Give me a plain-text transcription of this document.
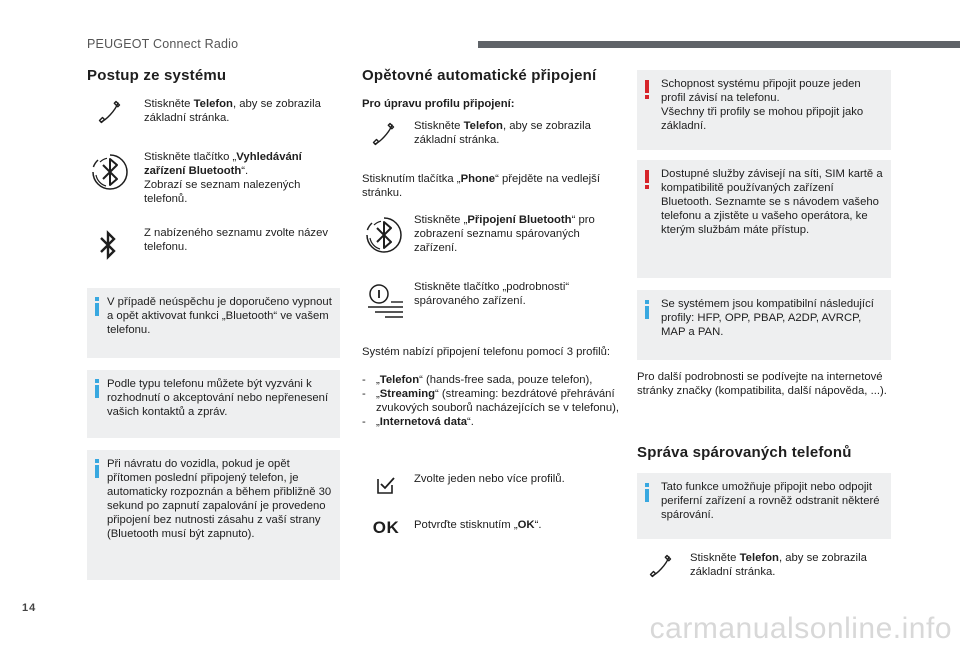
PEUGEOT Connect Radio
Postup ze systému
Stiskněte Telefon, aby se zobrazila základní stránka.
Stiskněte tlačítko „Vyhledávání zařízení Bluetooth“.
Zobrazí se seznam nalezených telefonů.
Z nabízeného seznamu zvolte název telefonu.
V případě neúspěchu je doporučeno vypnout a opět aktivovat funkci „Bluetooth“ ve vašem telefonu.
Podle typu telefonu můžete být vyzváni k rozhodnutí o akceptování nebo nepřenesení vašich kontaktů a zpráv.
Při návratu do vozidla, pokud je opět přítomen poslední připojený telefon, je automaticky rozpoznán a během přibližně 30 sekund po zapnutí zapalování je provedeno připojení bez nutnosti zásahu z vaší strany (Bluetooth musí být zapnuto).
Opětovné automatické připojení
Pro úpravu profilu připojení:
Stiskněte Telefon, aby se zobrazila základní stránka.
Stisknutím tlačítka „Phone“ přejděte na vedlejší stránku.
Stiskněte „Připojení Bluetooth“ pro zobrazení seznamu spárovaných zařízení.
Stiskněte tlačítko „podrobnosti“ spárovaného zařízení.
Systém nabízí připojení telefonu pomocí 3 profilů:
- „Telefon“ (hands-free sada, pouze telefon),
- „Streaming“ (streaming: bezdrátové přehrávání zvukových souborů nacházejících se v telefonu),
- „Internetová data“.
Zvolte jeden nebo více profilů.
OK	Potvrďte stisknutím „OK“.
Schopnost systému připojit pouze jeden profil závisí na telefonu.
Všechny tři profily se mohou připojit jako základní.
Dostupné služby závisejí na síti, SIM kartě a kompatibilitě používaných zařízení Bluetooth. Seznamte se s návodem vašeho telefonu a zjistěte u vašeho operátora, ke kterým službám máte přístup.
Se systémem jsou kompatibilní následující profily: HFP, OPP, PBAP, A2DP, AVRCP, MAP a PAN.
Pro další podrobnosti se podívejte na internetové stránky značky (kompatibilita, další nápověda, ...).
Správa spárovaných telefonů
Tato funkce umožňuje připojit nebo odpojit periferní zařízení a rovněž odstranit některé spárování.
Stiskněte Telefon, aby se zobrazila základní stránka.
14
carmanualsonline.info
